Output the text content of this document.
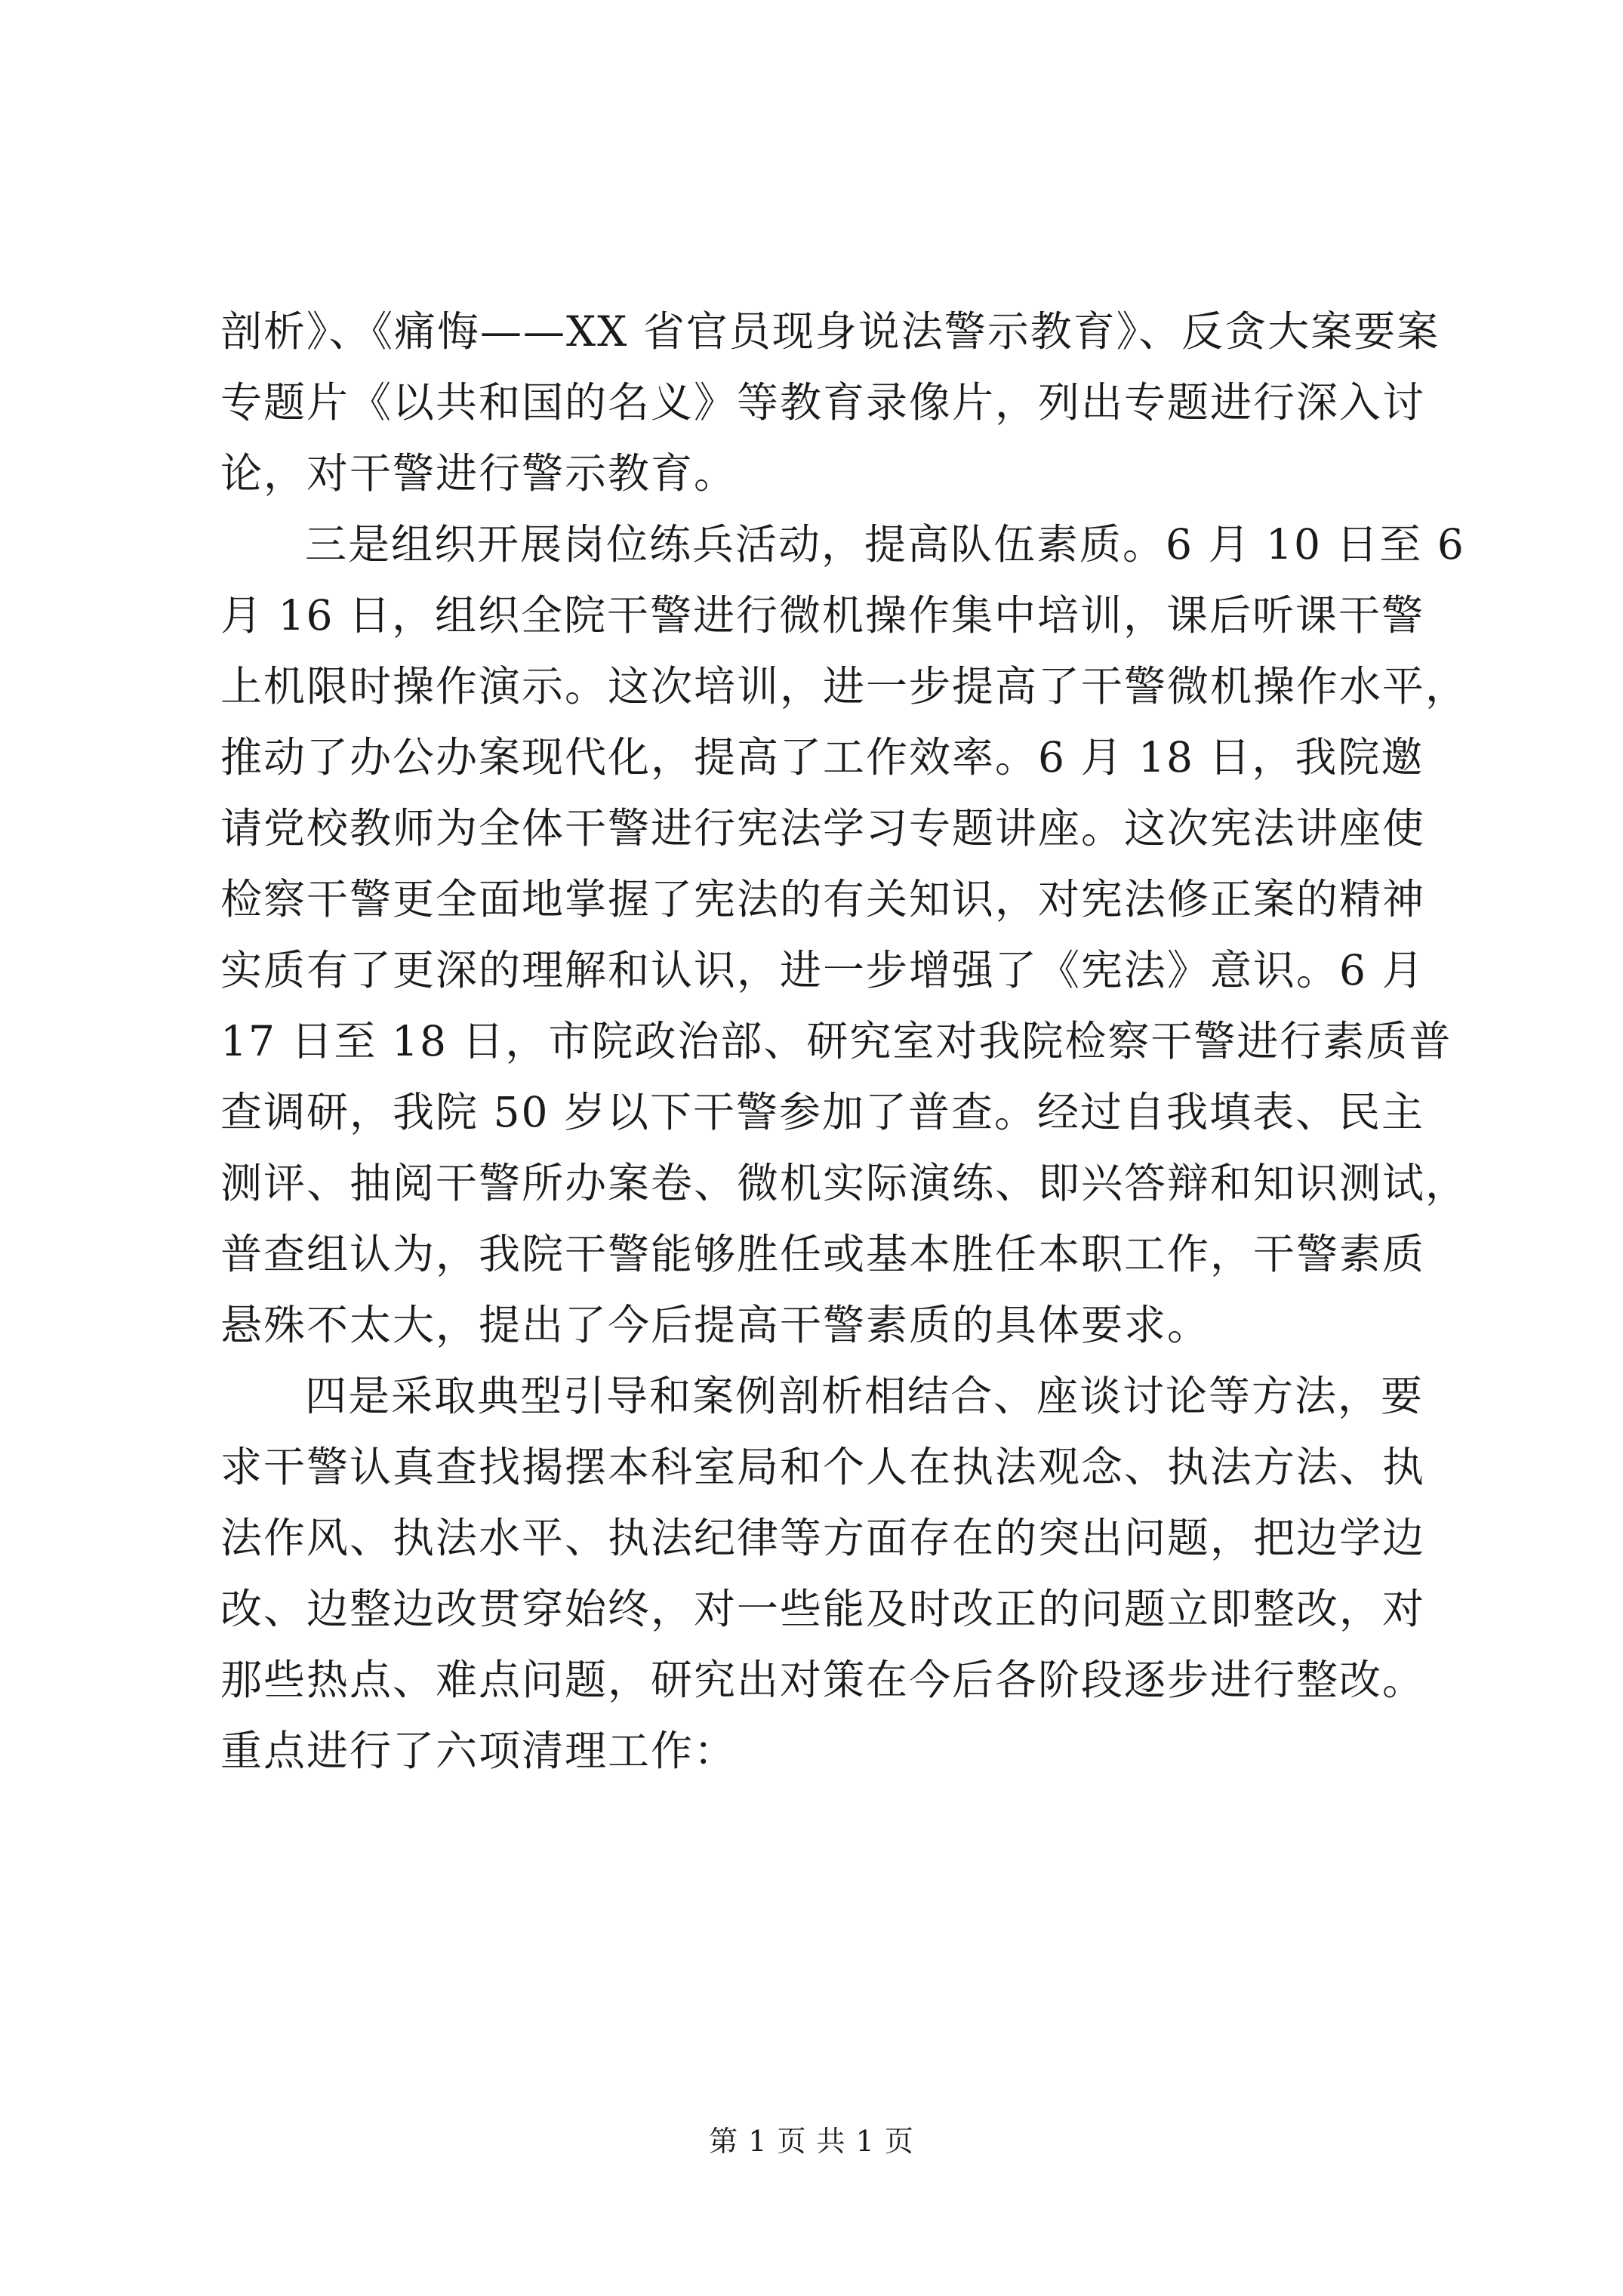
剖析》、《痛悔——XX 省官员现身说法警示教育》、反贪大案要案
专题片《以共和国的名义》等教育录像片，列出专题进行深入讨
论，对干警进行警示教育。
三是组织开展岗位练兵活动，提高队伍素质。6 月 10 日至 6
月 16 日，组织全院干警进行微机操作集中培训，课后听课干警
上机限时操作演示。这次培训，进一步提高了干警微机操作水平，
推动了办公办案现代化，提高了工作效率。6 月 18 日，我院邀
请党校教师为全体干警进行宪法学习专题讲座。这次宪法讲座使
检察干警更全面地掌握了宪法的有关知识，对宪法修正案的精神
实质有了更深的理解和认识，进一步增强了《宪法》意识。6 月
17 日至 18 日，市院政治部、研究室对我院检察干警进行素质普
查调研，我院 50 岁以下干警参加了普查。经过自我填表、民主
测评、抽阅干警所办案卷、微机实际演练、即兴答辩和知识测试，
普查组认为，我院干警能够胜任或基本胜任本职工作，干警素质
悬殊不太大，提出了今后提高干警素质的具体要求。
四是采取典型引导和案例剖析相结合、座谈讨论等方法，要
求干警认真查找揭摆本科室局和个人在执法观念、执法方法、执
法作风、执法水平、执法纪律等方面存在的突出问题，把边学边
改、边整边改贯穿始终，对一些能及时改正的问题立即整改，对
那些热点、难点问题，研究出对策在今后各阶段逐步进行整改。
重点进行了六项清理工作：
第 1 页 共 1 页
